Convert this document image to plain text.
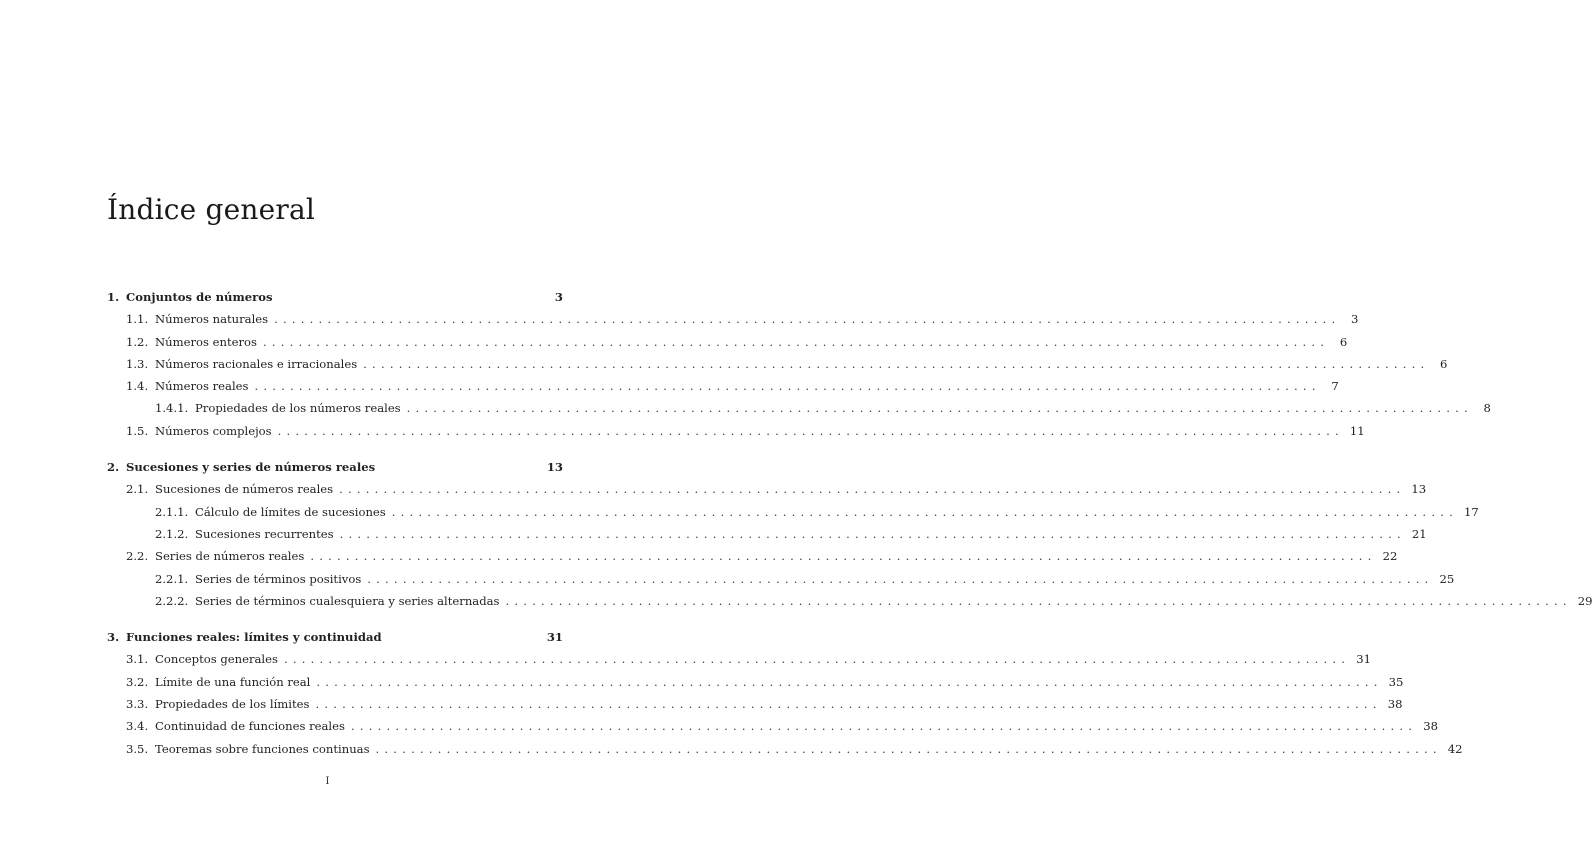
Índice general
1. Conjuntos de números	3
1.1. Números naturales ........................................................................................................................ 3
1.2. Números enteros ........................................................................................................................ 6
1.3. Números racionales e irracionales ........................................................................................................................ 6
1.4. Números reales ........................................................................................................................ 7
1.4.1. Propiedades de los números reales ........................................................................................................................ 8
1.5. Números complejos ........................................................................................................................ 11
2. Sucesiones y series de números reales	13
2.1. Sucesiones de números reales ........................................................................................................................ 13
2.1.1. Cálculo de límites de sucesiones ........................................................................................................................ 17
2.1.2. Sucesiones recurrentes ........................................................................................................................ 21
2.2. Series de números reales ........................................................................................................................ 22
2.2.1. Series de términos positivos ........................................................................................................................ 25
2.2.2. Series de términos cualesquiera y series alternadas ........................................................................................................................ 29
3. Funciones reales: límites y continuidad	31
3.1. Conceptos generales ........................................................................................................................ 31
3.2. Límite de una función real ........................................................................................................................ 35
3.3. Propiedades de los límites ........................................................................................................................ 38
3.4. Continuidad de funciones reales ........................................................................................................................ 38
3.5. Teoremas sobre funciones continuas ........................................................................................................................ 42
I
